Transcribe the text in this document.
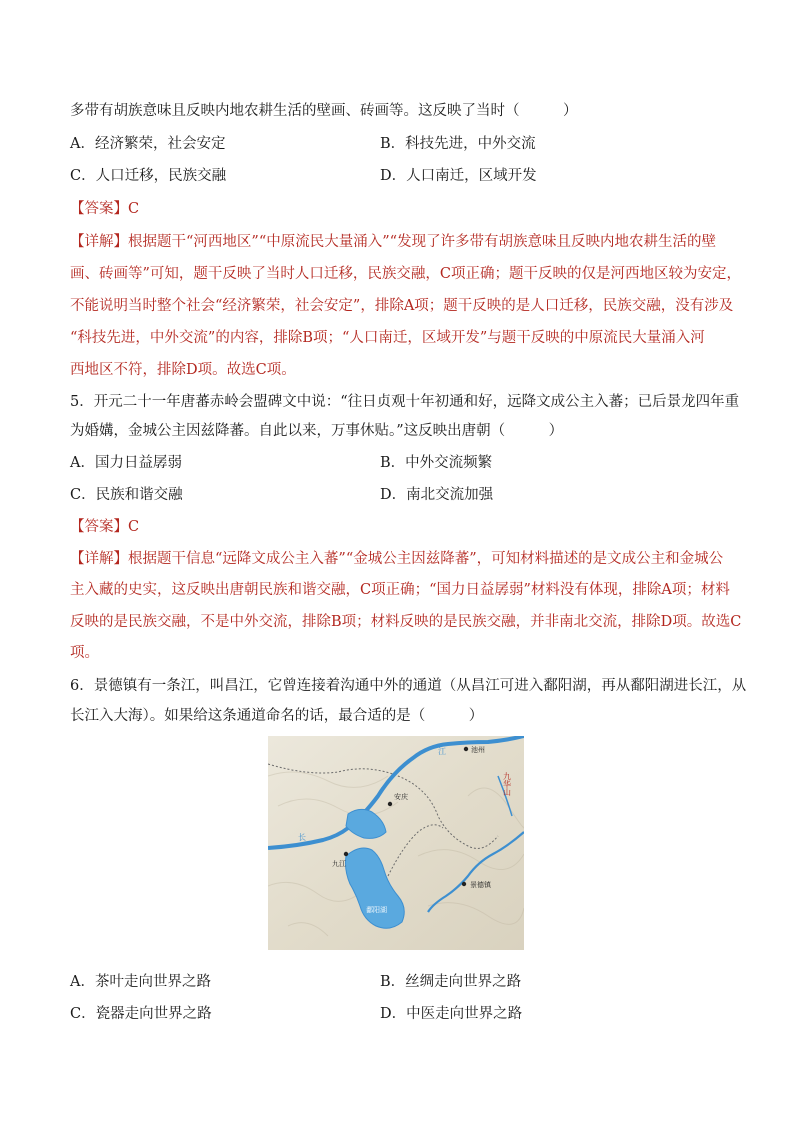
多带有胡族意味且反映内地农耕生活的壁画、砖画等。这反映了当时（　　　）
A．经济繁荣，社会安定	B．科技先进，中外交流
C．人口迁移，民族交融	D．人口南迁，区域开发
【答案】C
【详解】根据题干“河西地区”“中原流民大量涌入”“发现了许多带有胡族意味且反映内地农耕生活的壁
画、砖画等”可知，题干反映了当时人口迁移，民族交融，C项正确；题干反映的仅是河西地区较为安定，
不能说明当时整个社会“经济繁荣，社会安定”，排除A项；题干反映的是人口迁移，民族交融，没有涉及
“科技先进，中外交流”的内容，排除B项；“人口南迁，区域开发”与题干反映的中原流民大量涌入河
西地区不符，排除D项。故选C项。
5．开元二十一年唐蕃赤岭会盟碑文中说：“往日贞观十年初通和好，远降文成公主入蕃；已后景龙四年重
为婚媾，金城公主因兹降蕃。自此以来，万事休贴。”这反映出唐朝（　　　）
A．国力日益孱弱	B．中外交流频繁
C．民族和谐交融	D．南北交流加强
【答案】C
【详解】根据题干信息“远降文成公主入蕃”“金城公主因兹降蕃”，可知材料描述的是文成公主和金城公
主入藏的史实，这反映出唐朝民族和谐交融，C项正确；“国力日益孱弱”材料没有体现，排除A项；材料
反映的是民族交融，不是中外交流，排除B项；材料反映的是民族交融，并非南北交流，排除D项。故选C
项。
6．景德镇有一条江，叫昌江，它曾连接着沟通中外的通道（从昌江可进入鄱阳湖，再从鄱阳湖进长江，从
长江入大海）。如果给这条通道命名的话，最合适的是（　　　）
池州
安庆
九江
景德镇
鄱阳湖
九华山
长
江
A．茶叶走向世界之路	B．丝绸走向世界之路
C．瓷器走向世界之路	D．中医走向世界之路
